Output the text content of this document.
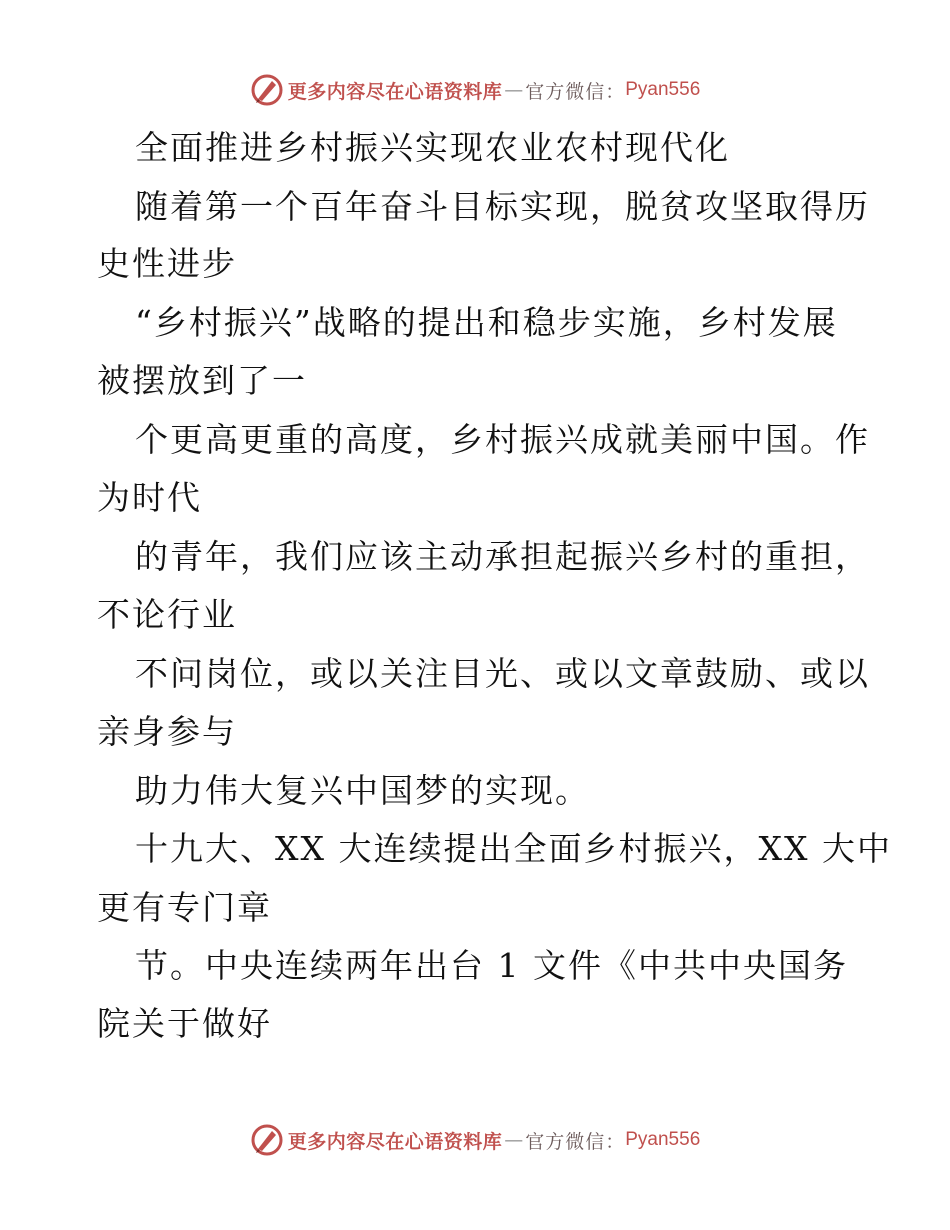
更多内容尽在心语资料库 — 官方微信： Pyan556
全面推进乡村振兴实现农业农村现代化
随着第一个百年奋斗目标实现，脱贫攻坚取得历
史性进步
“乡村振兴”战略的提出和稳步实施，乡村发展
被摆放到了一
个更高更重的高度，乡村振兴成就美丽中国。作
为时代
的青年，我们应该主动承担起振兴乡村的重担，
不论行业
不问岗位，或以关注目光、或以文章鼓励、或以
亲身参与
助力伟大复兴中国梦的实现。
十九大、XX 大连续提出全面乡村振兴，XX 大中
更有专门章
节。中央连续两年出台 1 文件《中共中央国务
院关于做好
更多内容尽在心语资料库 — 官方微信： Pyan556
